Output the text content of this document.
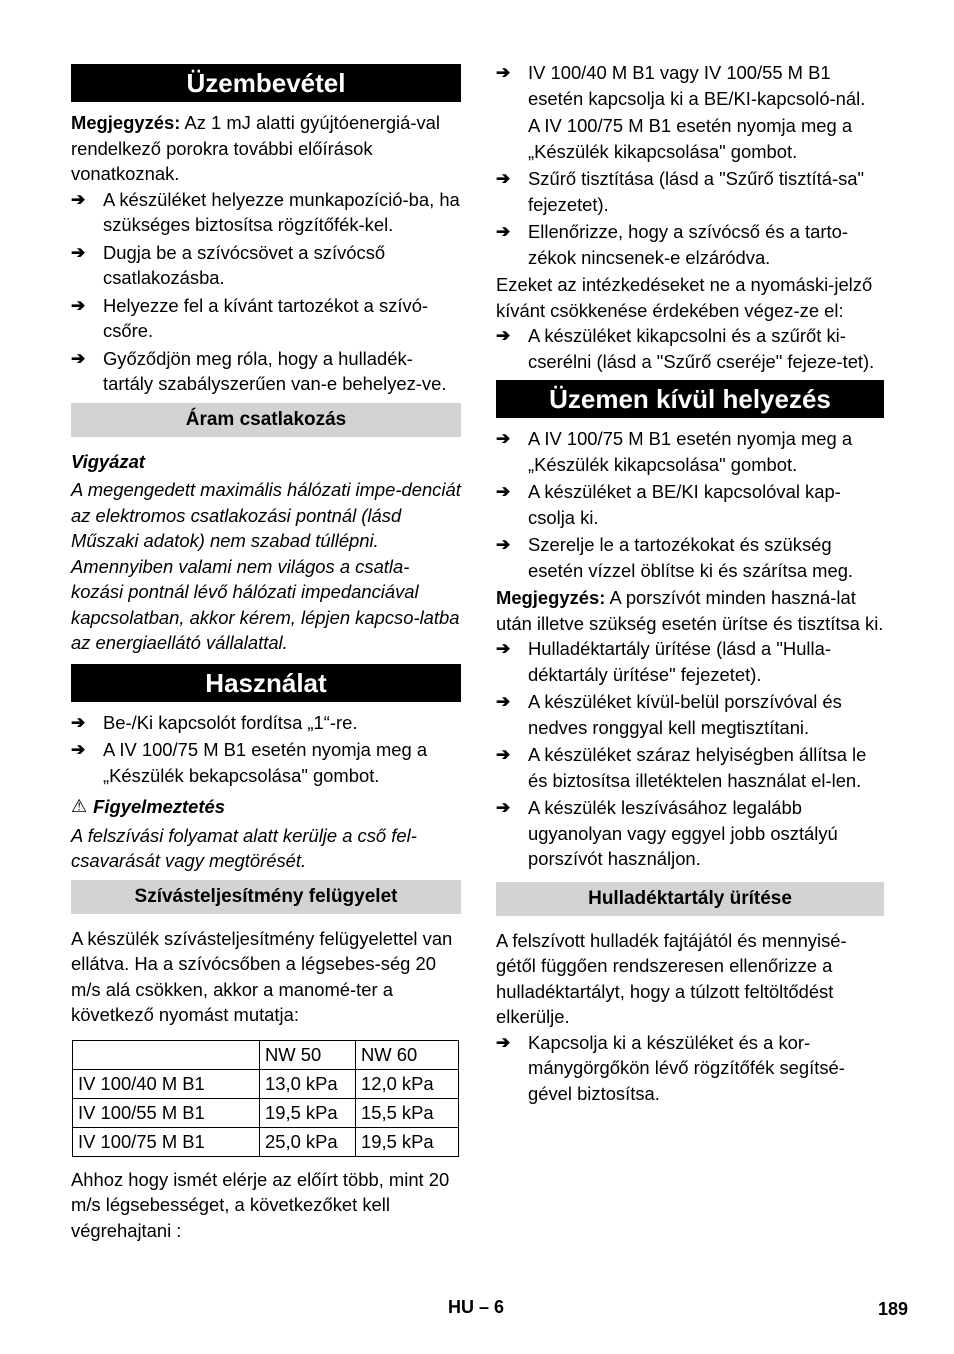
Üzembevétel

Megjegyzés: Az 1 mJ alatti gyújtóenergiá-val rendelkező porokra további előírások vonatkoznak.

➔ A készüléket helyezze munkapozíció-ba, ha szükséges biztosítsa rögzítőfék-kel.
➔ Dugja be a szívócsövet a szívócső csatlakozásba.
➔ Helyezze fel a kívánt tartozékot a szívó-csőre.
➔ Győződjön meg róla, hogy a hulladék-tartály szabályszerűen van-e behelyez-ve.
Áram csatlakozás

Vigyázat

A megengedett maximális hálózati impe-denciát az elektromos csatlakozási pontnál (lásd Műszaki adatok) nem szabad túllépni. Amennyiben valami nem világos a csatla-kozási pontnál lévő hálózati impedanciával kapcsolatban, akkor kérem, lépjen kapcso-latba az energiaellátó vállalattal.

Használat
➔ Be-/Ki kapcsolót fordítsa „1“-re.
➔ A IV 100/75 M B1 esetén nyomja meg a „Készülék bekapcsolása" gombot.

⚠ Figyelmeztetés

A felszívási folyamat alatt kerülje a cső fel-csavarását vagy megtörését.

Szívásteljesítmény felügyelet

A készülék szívásteljesítmény felügyelettel van ellátva. Ha a szívócsőben a légsebes-ség 20 m/s alá csökken, akkor a manomé-ter a következő nyomást mutatja:

	NW 50	NW 60
IV 100/40 M B1	13,0 kPa	12,0 kPa
IV 100/55 M B1	19,5 kPa	15,5 kPa
IV 100/75 M B1	25,0 kPa	19,5 kPa

Ahhoz hogy ismét elérje az előírt több, mint 20 m/s légsebességet, a következőket kell végrehajtani :

➔ IV 100/40 M B1 vagy IV 100/55 M B1 esetén kapcsolja ki a BE/KI-kapcsoló-nál.

A IV 100/75 M B1 esetén nyomja meg a „Készülék kikapcsolása" gombot.

➔ Szűrő tisztítása (lásd a "Szűrő tisztítá-sa" fejezetet).
➔ Ellenőrizze, hogy a szívócső és a tarto-zékok nincsenek-e elzáródva.

Ezeket az intézkedéseket ne a nyomáski-jelző kívánt csökkenése érdekében végez-ze el:

➔ A készüléket kikapcsolni és a szűrőt ki-cserélni (lásd a "Szűrő cseréje" fejeze-tet).
Üzemen kívül helyezés
➔ A IV 100/75 M B1 esetén nyomja meg a „Készülék kikapcsolása" gombot.
➔ A készüléket a BE/KI kapcsolóval kap-csolja ki.
➔ Szerelje le a tartozékokat és szükség esetén vízzel öblítse ki és szárítsa meg.

Megjegyzés: A porszívót minden haszná-lat után illetve szükség esetén ürítse és tisztítsa ki.

➔ Hulladéktartály ürítése (lásd a "Hulla-déktartály ürítése" fejezetet).
➔ A készüléket kívül-belül porszívóval és nedves ronggyal kell megtisztítani.
➔ A készüléket száraz helyiségben állítsa le és biztosítsa illetéktelen használat el-len.
➔ A készülék leszívásához legalább ugyanolyan vagy eggyel jobb osztályú porszívót használjon.
Hulladéktartály ürítése

A felszívott hulladék fajtájától és mennyisé-gétől függően rendszeresen ellenőrizze a hulladéktartályt, hogy a túlzott feltöltődést elkerülje.

➔ Kapcsolja ki a készüléket és a kor-mánygörgőkön lévő rögzítőfék segítsé-gével biztosítsa.
HU – 6	189
